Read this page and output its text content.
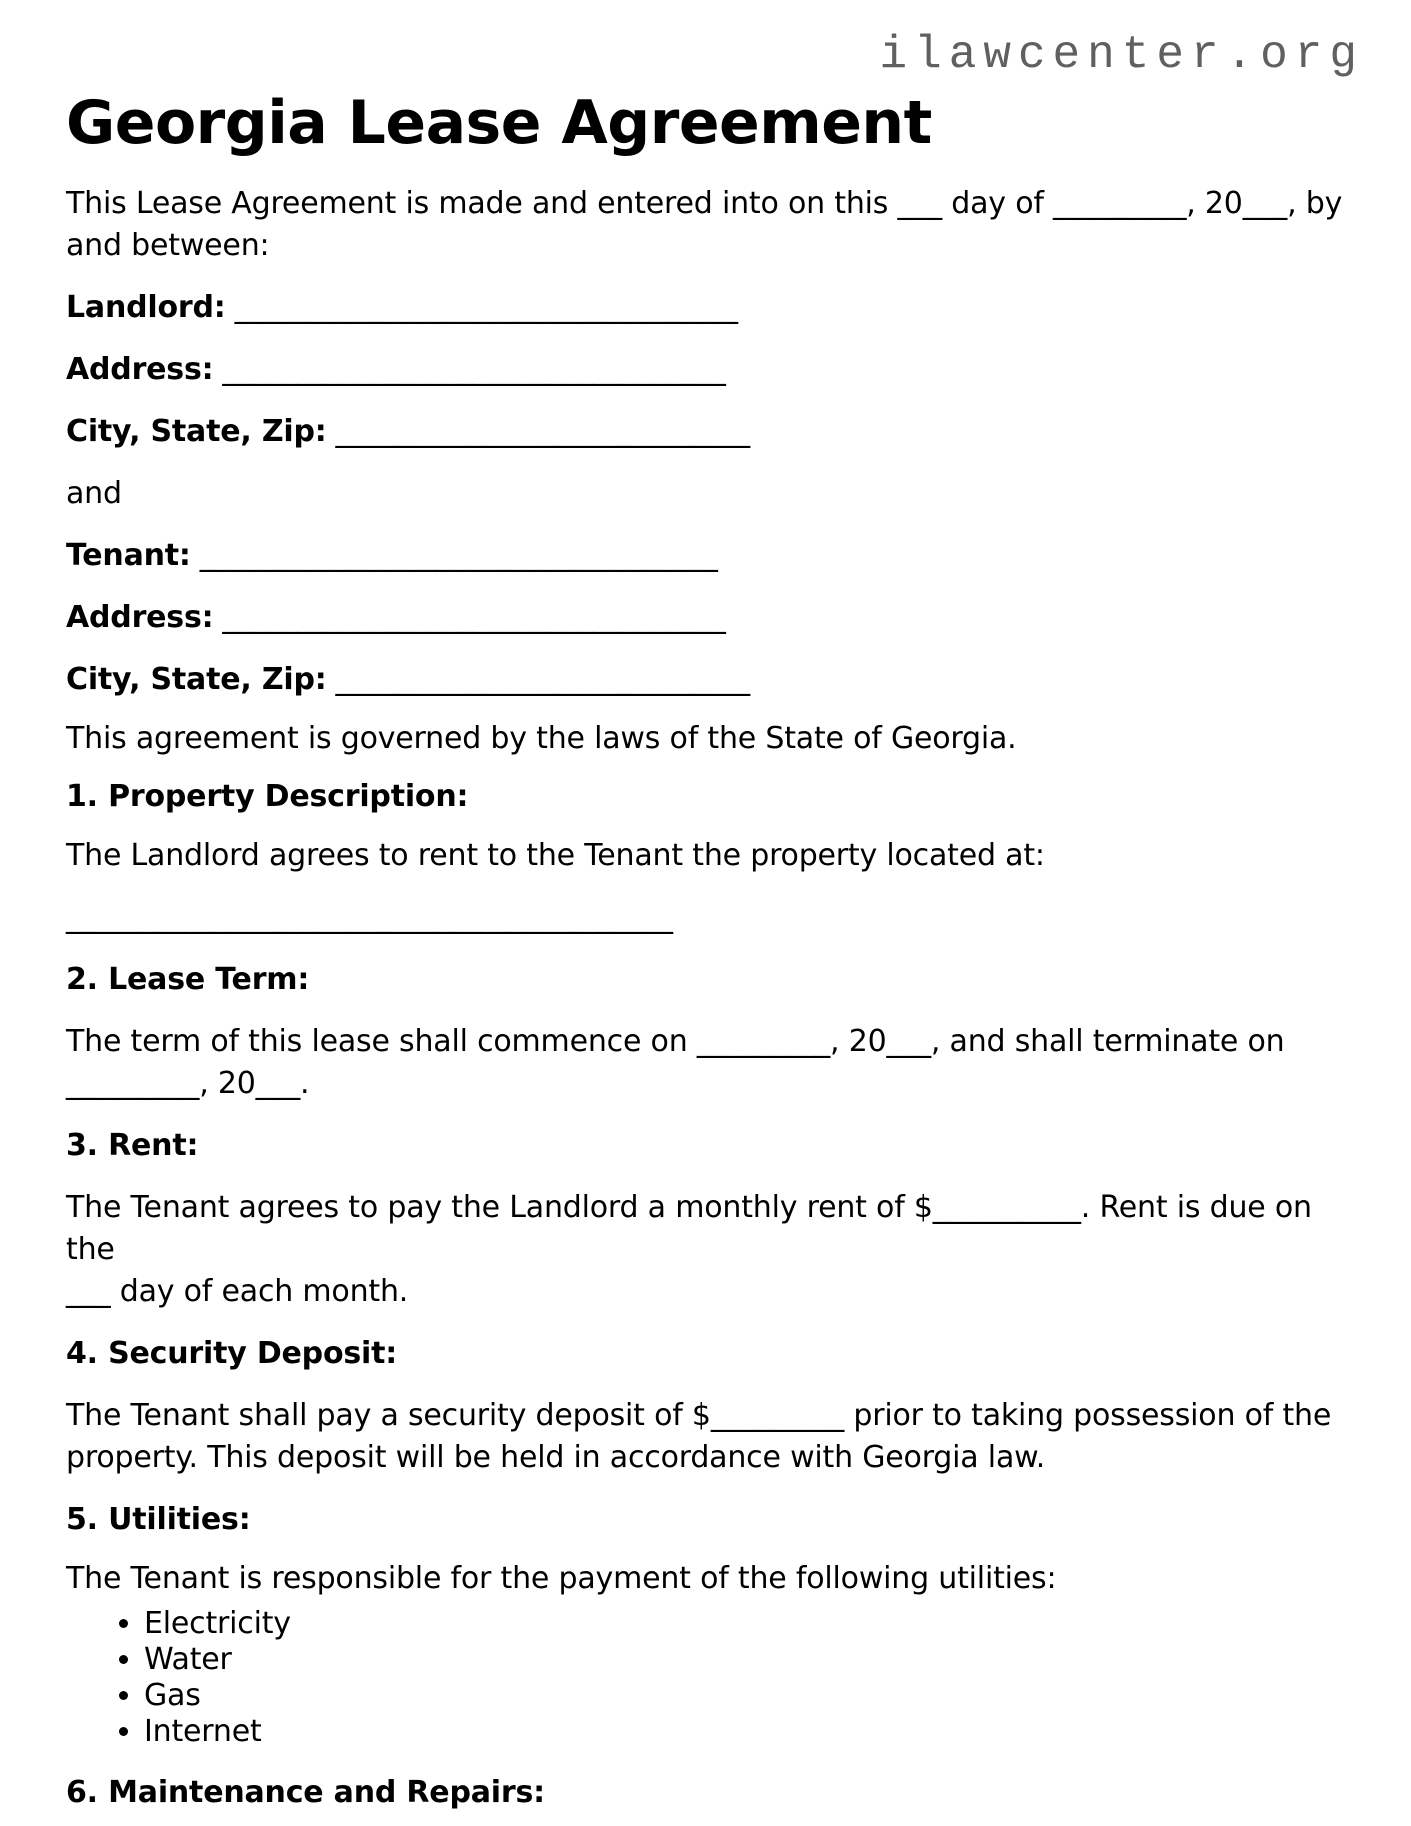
ilawcenter.org
Georgia Lease Agreement

This Lease Agreement is made and entered into on this ___ day of _________, 20___, by
and between:

Landlord: __________________________________

Address: __________________________________

City, State, Zip: ____________________________

and

Tenant: ___________________________________

Address: __________________________________

City, State, Zip: ____________________________

This agreement is governed by the laws of the State of Georgia.

1. Property Description:

The Landlord agrees to rent to the Tenant the property located at:

_________________________________________

2. Lease Term:

The term of this lease shall commence on _________, 20___, and shall terminate on
_________, 20___.

3. Rent:

The Tenant agrees to pay the Landlord a monthly rent of $__________. Rent is due on the
___ day of each month.

4. Security Deposit:

The Tenant shall pay a security deposit of $_________ prior to taking possession of the
property. This deposit will be held in accordance with Georgia law.

5. Utilities:

The Tenant is responsible for the payment of the following utilities:

• Electricity
• Water
• Gas
• Internet
6. Maintenance and Repairs:
